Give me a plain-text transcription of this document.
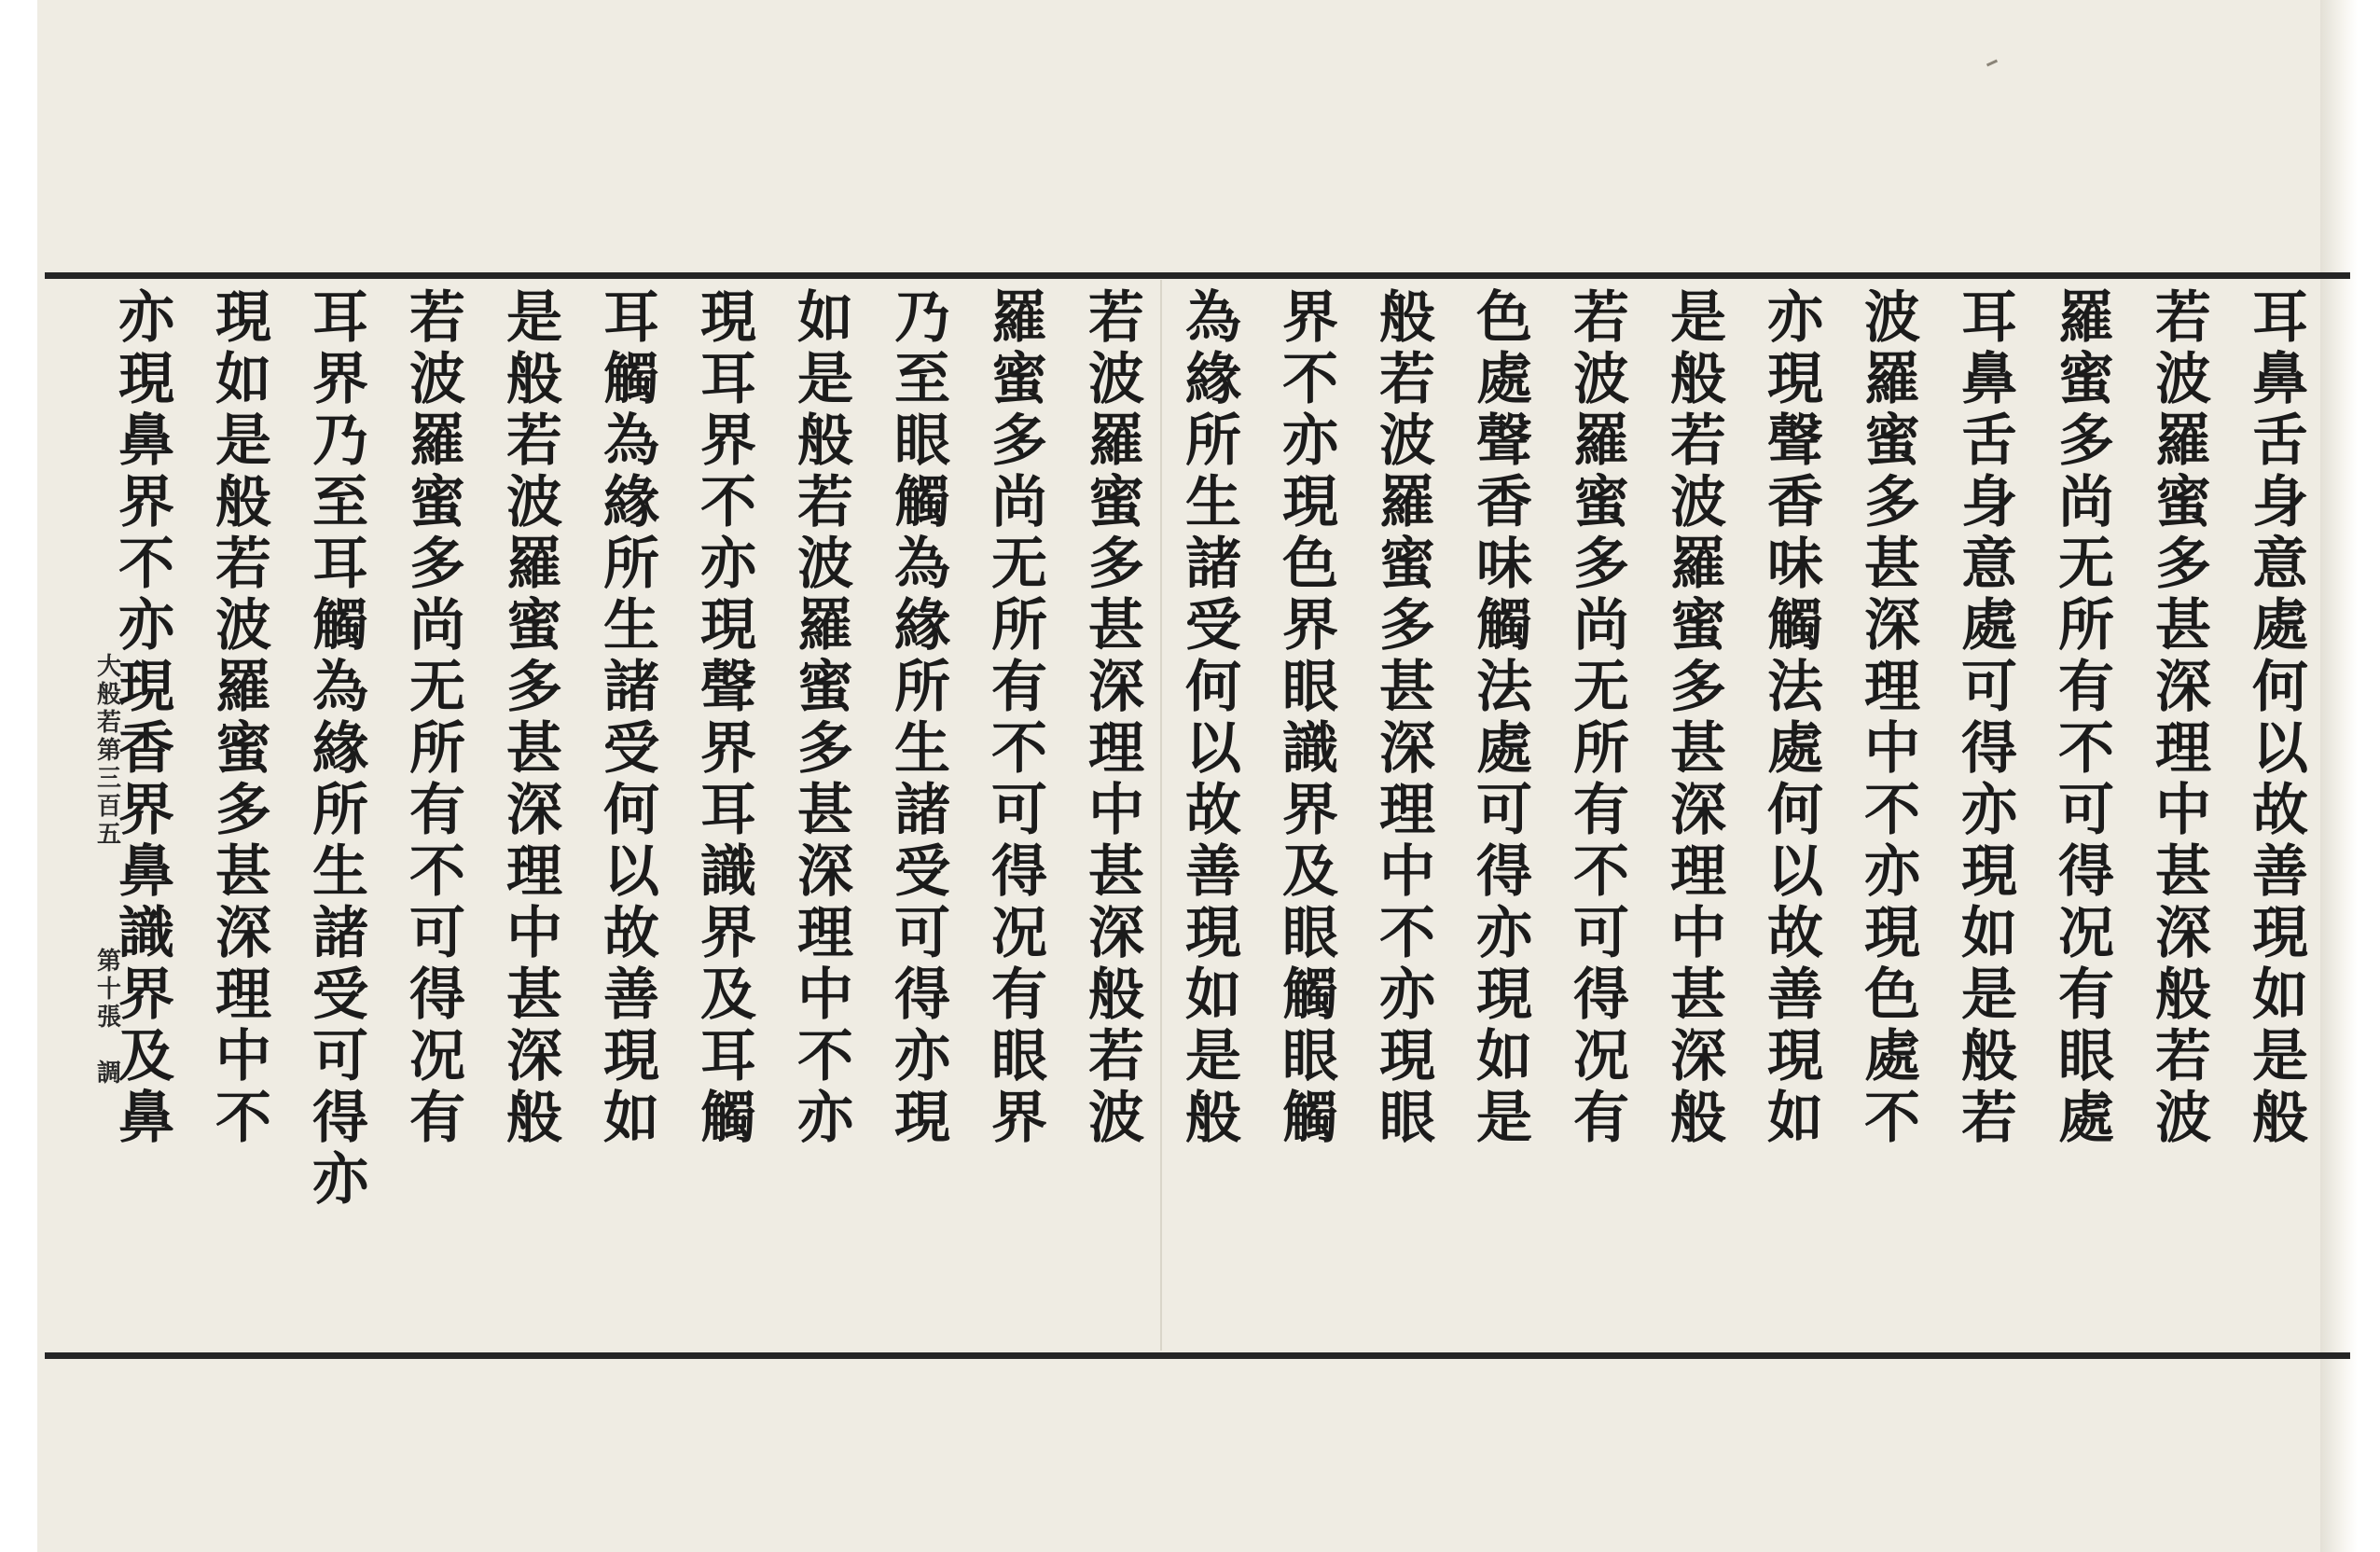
耳
鼻
舌
身
意
處
何
以
故
善
現
如
是
般
若
波
羅
蜜
多
甚
深
理
中
甚
深
般
若
波
羅
蜜
多
尚
无
所
有
不
可
得
况
有
眼
處
耳
鼻
舌
身
意
處
可
得
亦
現
如
是
般
若
波
羅
蜜
多
甚
深
理
中
不
亦
現
色
處
不
亦
現
聲
香
味
觸
法
處
何
以
故
善
現
如
是
般
若
波
羅
蜜
多
甚
深
理
中
甚
深
般
若
波
羅
蜜
多
尚
无
所
有
不
可
得
况
有
色
處
聲
香
味
觸
法
處
可
得
亦
現
如
是
般
若
波
羅
蜜
多
甚
深
理
中
不
亦
現
眼
界
不
亦
現
色
界
眼
識
界
及
眼
觸
眼
觸
為
緣
所
生
諸
受
何
以
故
善
現
如
是
般
若
波
羅
蜜
多
甚
深
理
中
甚
深
般
若
波
羅
蜜
多
尚
无
所
有
不
可
得
况
有
眼
界
乃
至
眼
觸
為
緣
所
生
諸
受
可
得
亦
現
如
是
般
若
波
羅
蜜
多
甚
深
理
中
不
亦
現
耳
界
不
亦
現
聲
界
耳
識
界
及
耳
觸
耳
觸
為
緣
所
生
諸
受
何
以
故
善
現
如
是
般
若
波
羅
蜜
多
甚
深
理
中
甚
深
般
若
波
羅
蜜
多
尚
无
所
有
不
可
得
况
有
耳
界
乃
至
耳
觸
為
緣
所
生
諸
受
可
得
亦
現
如
是
般
若
波
羅
蜜
多
甚
深
理
中
不
亦
現
鼻
界
不
亦
現
香
界
鼻
識
界
及
鼻
大
般
若
第
三
百
五
第
十
張
調
